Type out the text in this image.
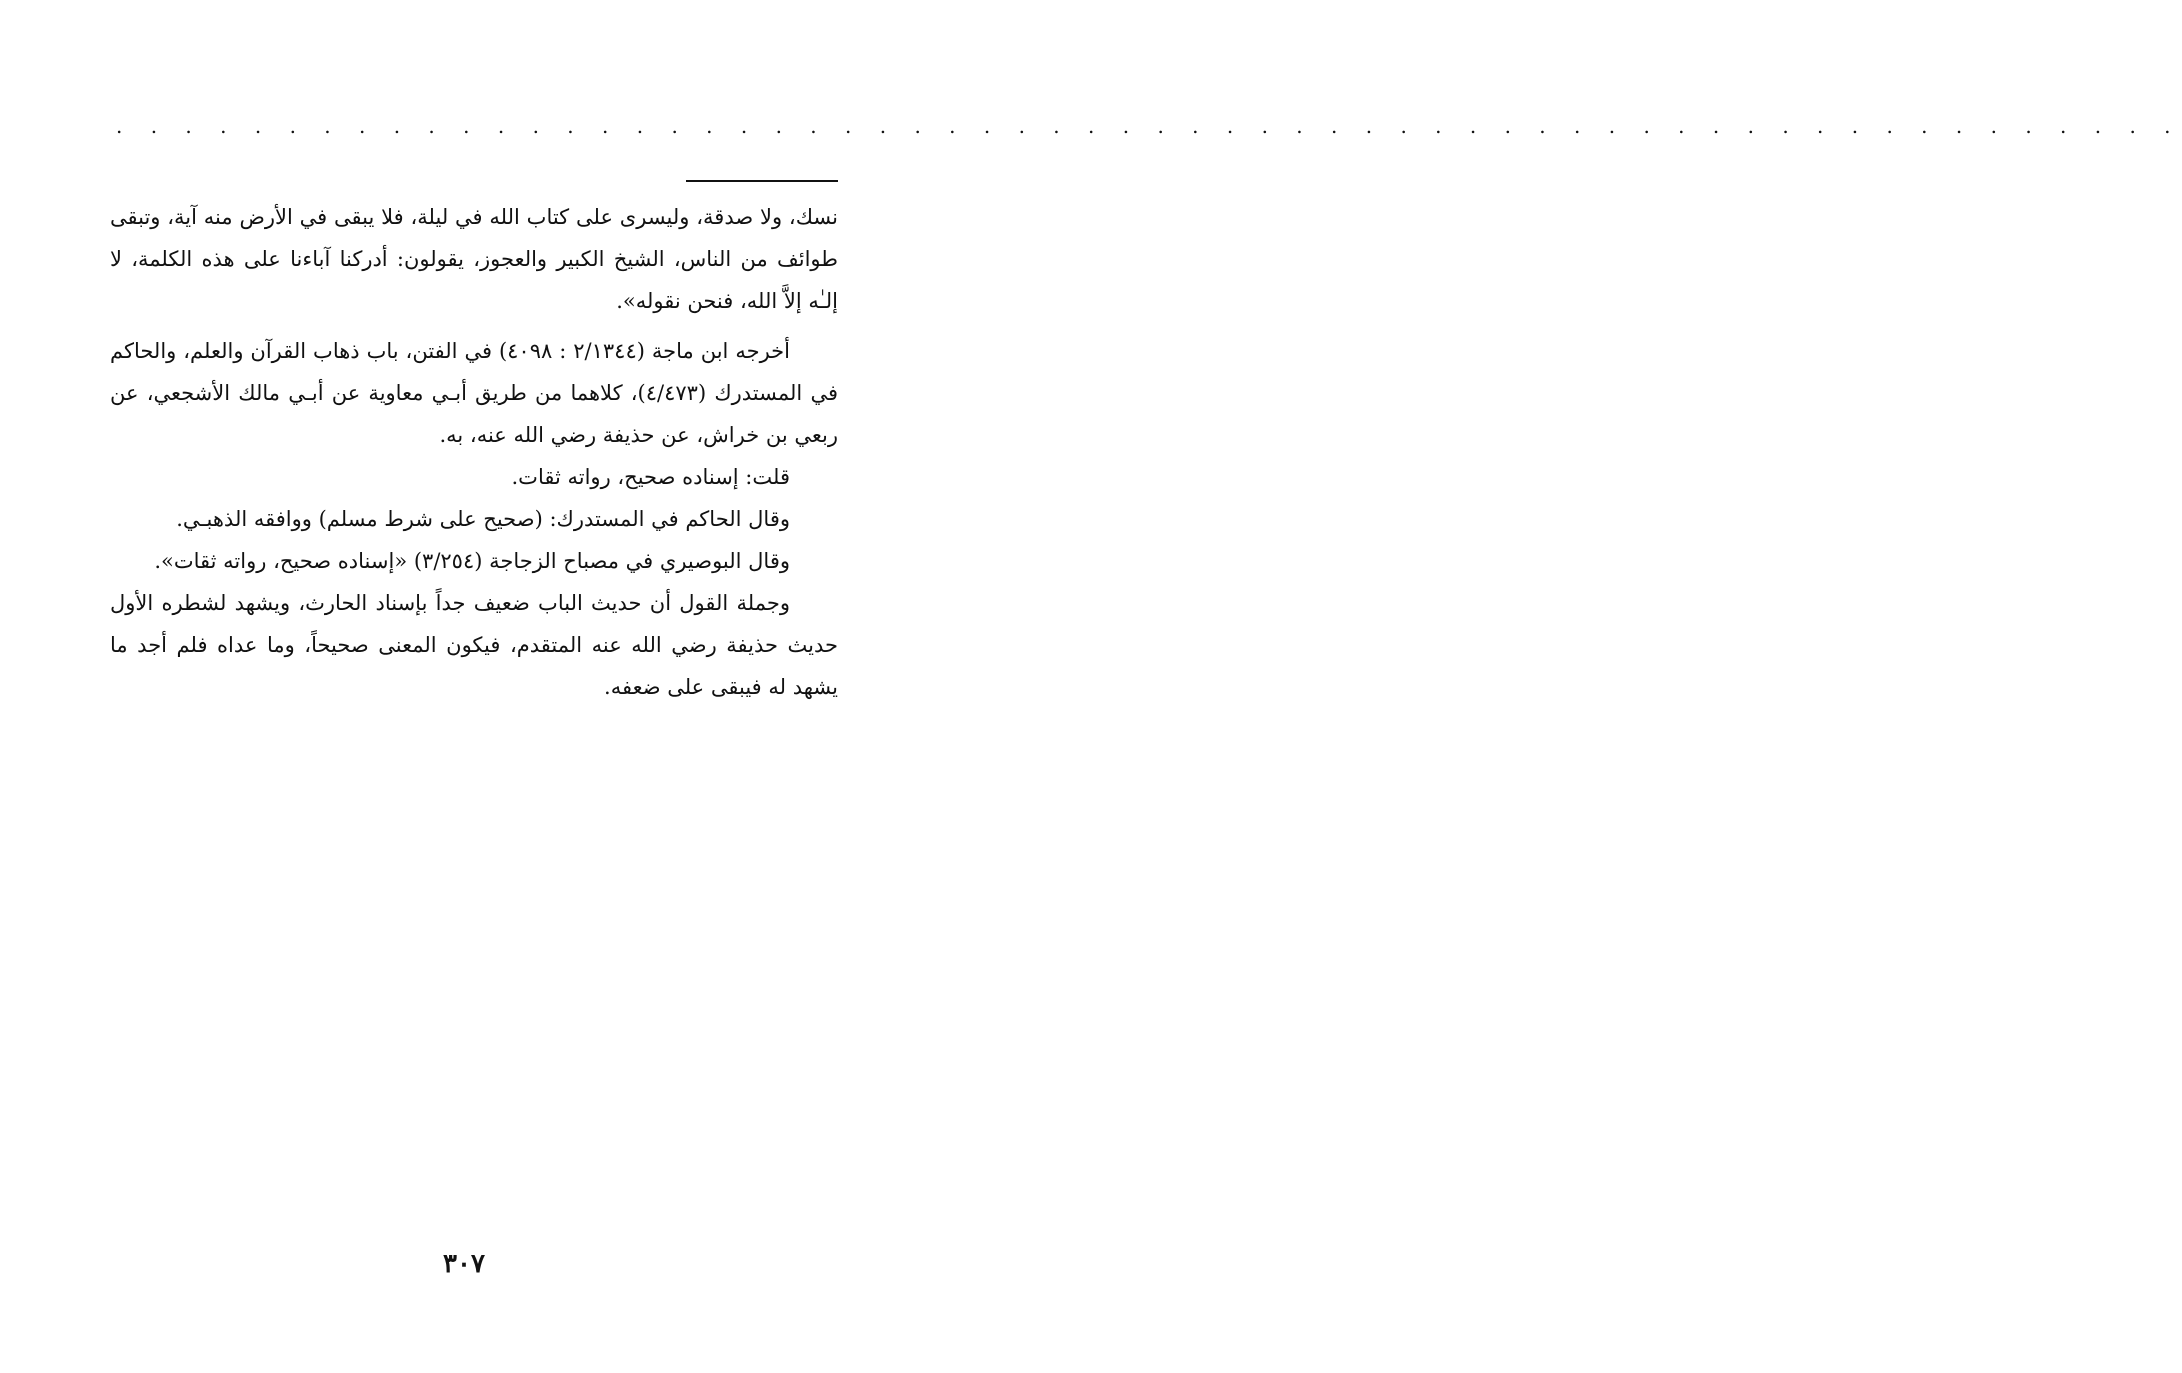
. . . . . . . . . . . . . . . . . . . . . . . . . . . . . . . . . . . . . . . . . . . . . . . . . . . . . . . . . . . .

نسك، ولا صدقة، وليسرى على كتاب الله في ليلة، فلا يبقى في الأرض منه آية، وتبقى طوائف من الناس، الشيخ الكبير والعجوز، يقولون: أدركنا آباءنا على هذه الكلمة، لا إلـٰه إلاَّ الله، فنحن نقوله».

أخرجه ابن ماجة (٢/١٣٤٤ : ٤٠٩٨) في الفتن، باب ذهاب القرآن والعلم، والحاكم في المستدرك (٤/٤٧٣)، كلاهما من طريق أبـي معاوية عن أبـي مالك الأشجعي، عن ربعي بن خراش، عن حذيفة رضي الله عنه، به.

قلت: إسناده صحيح، رواته ثقات.

وقال الحاكم في المستدرك: (صحيح على شرط مسلم) ووافقه الذهبـي.

وقال البوصيري في مصباح الزجاجة (٣/٢٥٤) «إسناده صحيح، رواته ثقات».

وجملة القول أن حديث الباب ضعيف جداً بإسناد الحارث، ويشهد لشطره الأول حديث حذيفة رضي الله عنه المتقدم، فيكون المعنى صحيحاً، وما عداه فلم أجد ما يشهد له فيبقى على ضعفه.

٣٠٧
